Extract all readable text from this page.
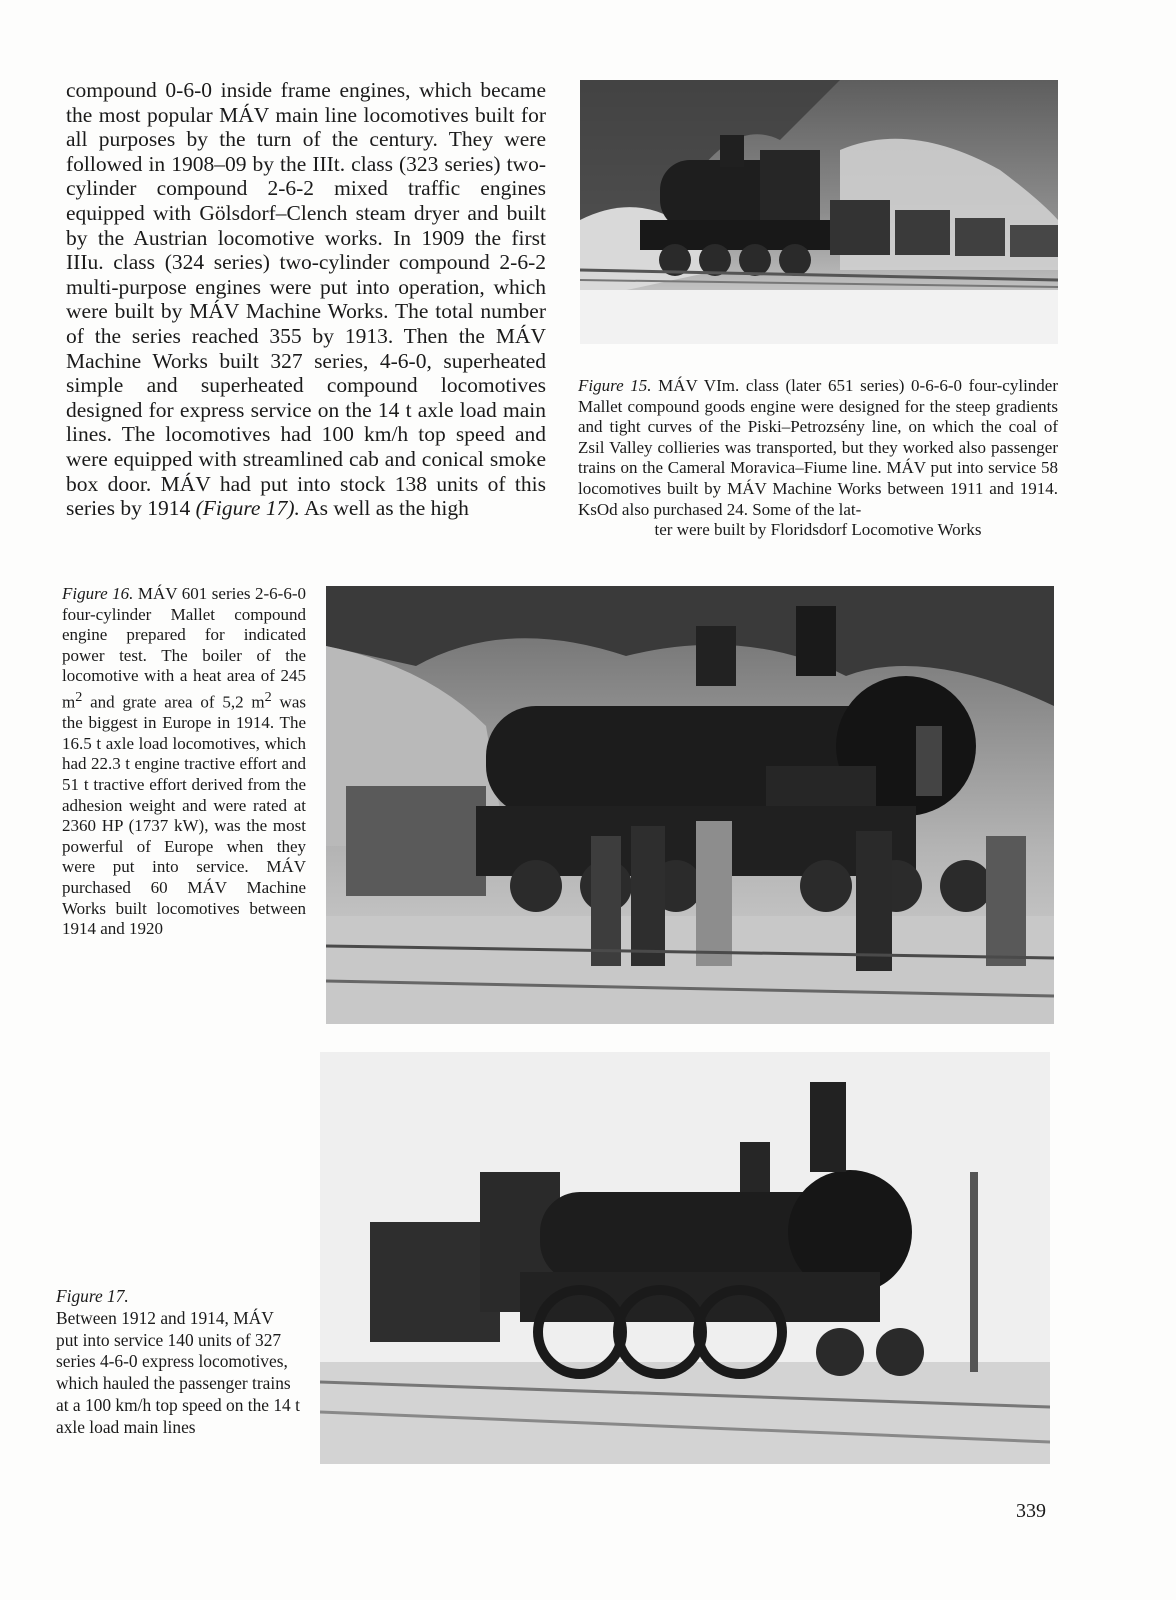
compound 0-6-0 inside frame engines, which became the most popular MÁV main line locomotives built for all purposes by the turn of the century. They were followed in 1908–09 by the IIIt. class (323 series) two-cylinder compound 2-6-2 mixed traffic engines equipped with Gölsdorf–Clench steam dryer and built by the Austrian locomotive works. In 1909 the first IIIu. class (324 series) two-cylinder compound 2-6-2 multi-purpose engines were put into operation, which were built by MÁV Machine Works. The total number of the series reached 355 by 1913. Then the MÁV Machine Works built 327 series, 4-6-0, superheated simple and superheated compound locomotives designed for express service on the 14 t axle load main lines. The locomotives had 100 km/h top speed and were equipped with streamlined cab and conical smoke box door. MÁV had put into stock 138 units of this series by 1914 (Figure 17). As well as the high

Figure 15. MÁV VIm. class (later 651 series) 0-6-6-0 four-cylinder Mallet compound goods engine were designed for the steep gradients and tight curves of the Piski–Petrozsény line, on which the coal of Zsil Valley collieries was transported, but they worked also passenger trains on the Cameral Moravica–Fiume line. MÁV put into service 58 locomotives built by MÁV Machine Works between 1911 and 1914. KsOd also purchased 24. Some of the lat-
ter were built by Floridsdorf Locomotive Works

Figure 16. MÁV 601 series 2-6-6-0 four-cylinder Mallet compound engine prepared for indicated power test. The boiler of the locomotive with a heat area of 245 $m^2$ and grate area of 5,2 $m^2$ was the biggest in Europe in 1914. The 16.5 t axle load locomotives, which had 22.3 t engine tractive effort and 51 t tractive effort derived from the adhesion weight and were rated at 2360 HP (1737 kW), was the most powerful of Europe when they were put into service. MÁV purchased 60 MÁV Machine Works built locomotives between 1914 and 1920

Figure 17.
Between 1912 and 1914, MÁV put into service 140 units of 327 series 4-6-0 express locomotives, which hauled the passenger trains at a 100 km/h top speed on the 14 t axle load main lines

339
